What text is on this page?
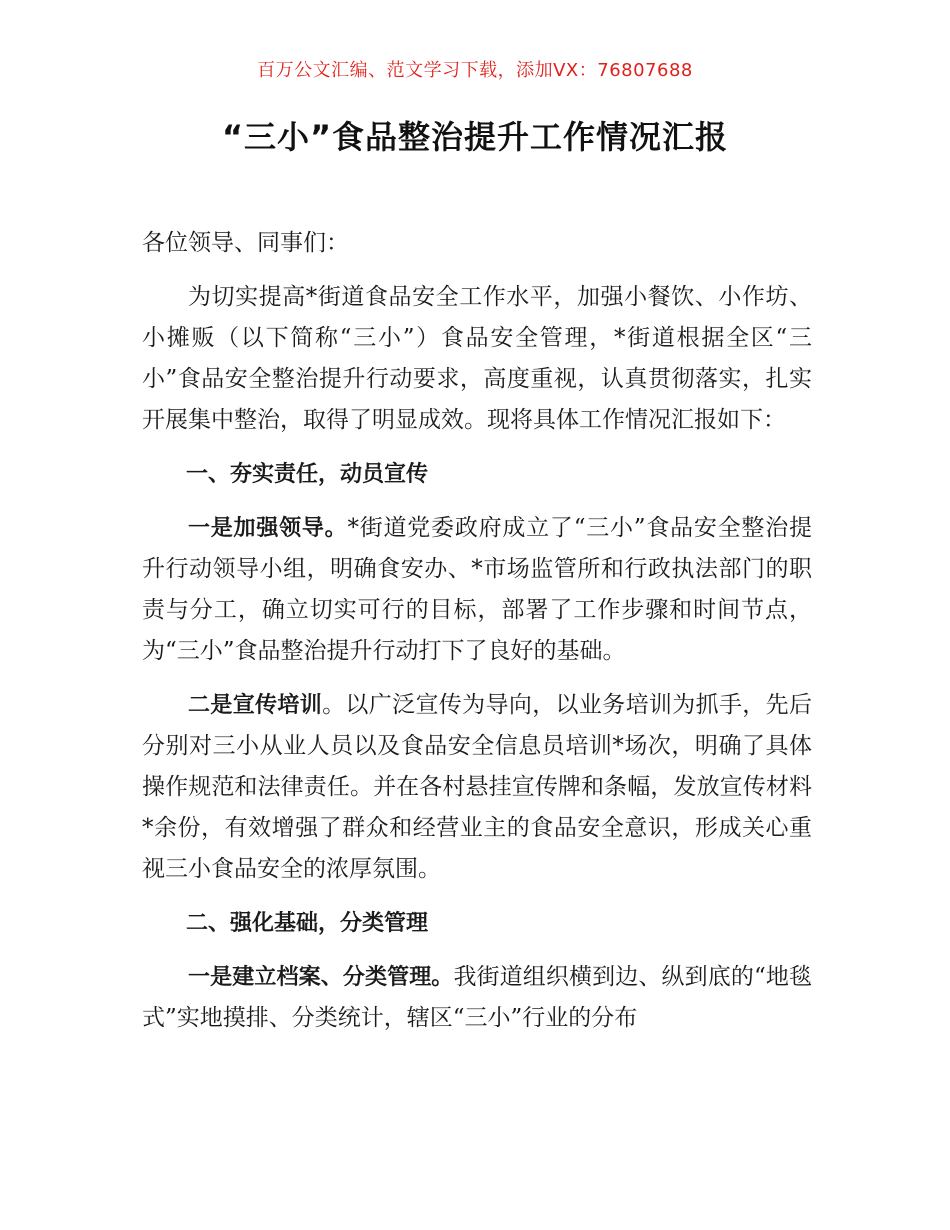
百万公文汇编、范文学习下载，添加VX：76807688
“三小”食品整治提升工作情况汇报

各位领导、同事们：

为切实提高*街道食品安全工作水平，加强小餐饮、小作坊、小摊贩（以下简称“三小”）食品安全管理，*街道根据全区“三小”食品安全整治提升行动要求，高度重视，认真贯彻落实，扎实开展集中整治，取得了明显成效。现将具体工作情况汇报如下：

一、夯实责任，动员宣传

一是加强领导。*街道党委政府成立了“三小”食品安全整治提升行动领导小组，明确食安办、*市场监管所和行政执法部门的职责与分工，确立切实可行的目标，部署了工作步骤和时间节点，为“三小”食品整治提升行动打下了良好的基础。

二是宣传培训。以广泛宣传为导向，以业务培训为抓手，先后分别对三小从业人员以及食品安全信息员培训*场次，明确了具体操作规范和法律责任。并在各村悬挂宣传牌和条幅，发放宣传材料*余份，有效增强了群众和经营业主的食品安全意识，形成关心重视三小食品安全的浓厚氛围。

二、强化基础，分类管理

一是建立档案、分类管理。我街道组织横到边、纵到底的“地毯式”实地摸排、分类统计，辖区“三小”行业的分布
